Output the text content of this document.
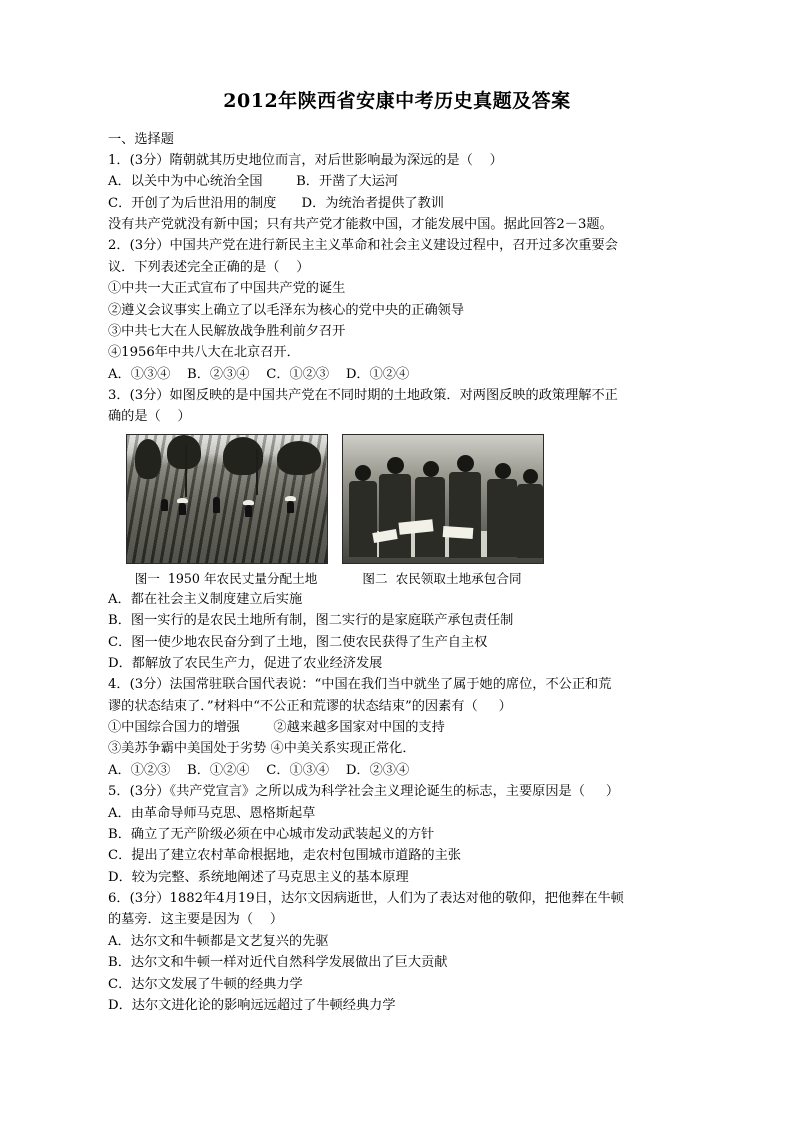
2012年陕西省安康中考历史真题及答案
一、选择题
1．(3分）隋朝就其历史地位而言，对后世影响最为深远的是（    ）
A．以关中为中心统治全国        B．开凿了大运河
C．开创了为后世沿用的制度      D．为统治者提供了教训
没有共产党就没有新中国；只有共产党才能救中国，才能发展中国。据此回答2－3题。
2．(3分）中国共产党在进行新民主主义革命和社会主义建设过程中，召开过多次重要会
议．下列表述完全正确的是（    ）
①中共一大正式宣布了中国共产党的诞生
②遵义会议事实上确立了以毛泽东为核心的党中央的正确领导
③中共七大在人民解放战争胜利前夕召开
④1956年中共八大在北京召开．
A．①③④    B．②③④    C．①②③    D．①②④
3．(3分）如图反映的是中国共产党在不同时期的土地政策．对两图反映的政策理解不正
确的是（    ）
图一  1950 年农民丈量分配土地	图二  农民领取土地承包合同
A．都在社会主义制度建立后实施
B．图一实行的是农民土地所有制，图二实行的是家庭联产承包责任制
C．图一使少地农民奋分到了土地，图二使农民获得了生产自主权
D．都解放了农民生产力，促进了农业经济发展
4．(3分）法国常驻联合国代表说：“中国在我们当中就坐了属于她的席位，不公正和荒
谬的状态结束了．”材料中“不公正和荒谬的状态结束”的因素有（     ）
①中国综合国力的增强        ②越来越多国家对中国的支持
③美苏争霸中美国处于劣势 ④中美关系实现正常化．
A．①②③    B．①②④    C．①③④    D．②③④
5．(3分）《共产党宣言》之所以成为科学社会主义理论诞生的标志，主要原因是（     ）
A．由革命导师马克思、恩格斯起草
B．确立了无产阶级必须在中心城市发动武装起义的方针
C．提出了建立农村革命根据地，走农村包围城市道路的主张
D．较为完整、系统地阐述了马克思主义的基本原理
6．(3分）1882年4月19日，达尔文因病逝世，人们为了表达对他的敬仰，把他葬在牛顿
的墓旁．这主要是因为（    ）
A．达尔文和牛顿都是文艺复兴的先驱
B．达尔文和牛顿一样对近代自然科学发展做出了巨大贡献
C．达尔文发展了牛顿的经典力学
D．达尔文进化论的影响远远超过了牛顿经典力学
